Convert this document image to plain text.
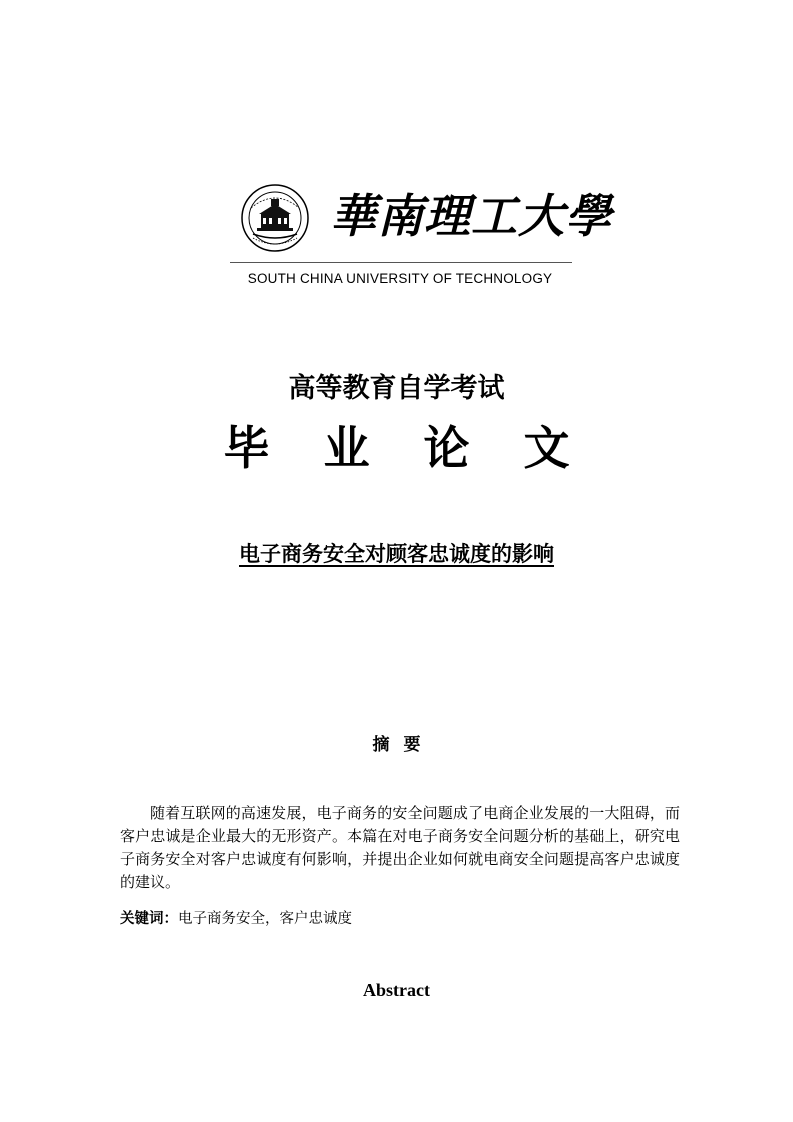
華南理工大學
SOUTH CHINA UNIVERSITY OF TECHNOLOGY
高等教育自学考试
毕业论文
电子商务安全对顾客忠诚度的影响
摘要
随着互联网的高速发展，电子商务的安全问题成了电商企业发展的一大阻碍，而客户忠诚是企业最大的无形资产。本篇在对电子商务安全问题分析的基础上，研究电子商务安全对客户忠诚度有何影响，并提出企业如何就电商安全问题提高客户忠诚度的建议。
关键词：电子商务安全，客户忠诚度
Abstract
